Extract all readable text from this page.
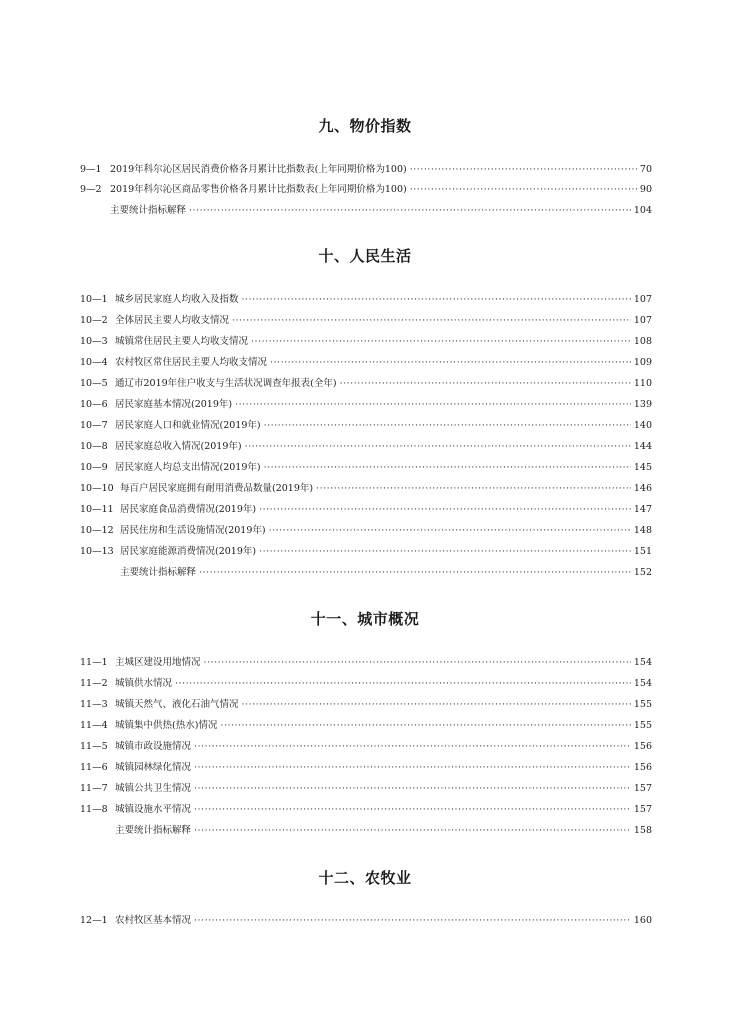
九、物价指数
9—1 2019年科尔沁区居民消费价格各月累计比指数表(上年同期价格为100) ·····	70
9—2 2019年科尔沁区商品零售价格各月累计比指数表(上年同期价格为100) ·····	90
主要统计指标解释 ·····	104
十、人民生活
10—1 城乡居民家庭人均收入及指数 ·····	107
10—2 全体居民主要人均收支情况 ·····	107
10—3 城镇常住居民主要人均收支情况 ·····	108
10—4 农村牧区常住居民主要人均收支情况 ·····	109
10—5 通辽市2019年住户收支与生活状况调查年报表(全年) ·····	110
10—6 居民家庭基本情况(2019年) ·····	139
10—7 居民家庭人口和就业情况(2019年) ·····	140
10—8 居民家庭总收入情况(2019年) ·····	144
10—9 居民家庭人均总支出情况(2019年) ·····	145
10—10 每百户居民家庭拥有耐用消费品数量(2019年) ·····	146
10—11 居民家庭食品消费情况(2019年) ·····	147
10—12 居民住房和生活设施情况(2019年) ·····	148
10—13 居民家庭能源消费情况(2019年) ·····	151
主要统计指标解释 ·····	152
十一、城市概况
11—1 主城区建设用地情况 ·····	154
11—2 城镇供水情况 ·····	154
11—3 城镇天然气、液化石油气情况 ·····	155
11—4 城镇集中供热(热水)情况 ·····	155
11—5 城镇市政设施情况 ·····	156
11—6 城镇园林绿化情况 ·····	156
11—7 城镇公共卫生情况 ·····	157
11—8 城镇设施水平情况 ·····	157
主要统计指标解释 ·····	158
十二、农牧业
12—1 农村牧区基本情况 ·····	160
